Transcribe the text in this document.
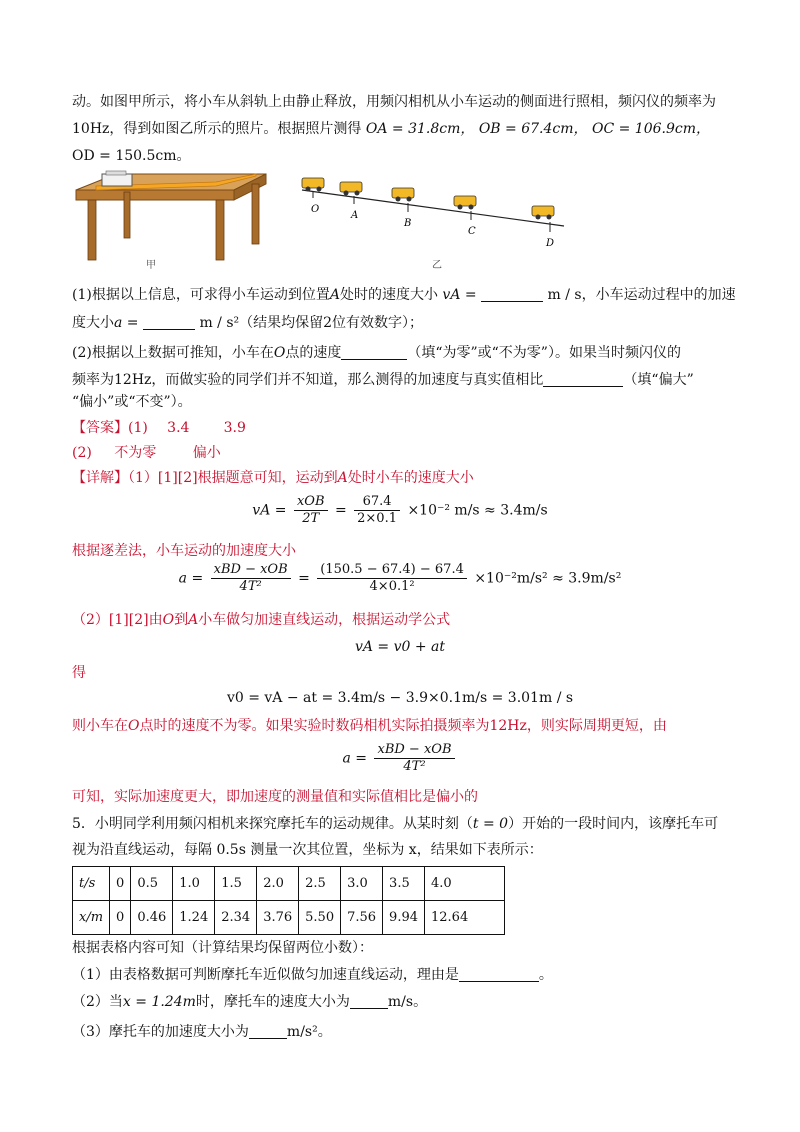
动。如图甲所示，将小车从斜轨上由静止释放，用频闪相机从小车运动的侧面进行照相，频闪仪的频率为
10Hz，得到如图乙所示的照片。根据照片测得 OA = 31.8cm， OB = 67.4cm， OC = 106.9cm，
OD = 150.5cm。
甲
O
A
B
C
D
乙
(1)根据以上信息，可求得小车运动到位置A处时的速度大小 vA =	m / s，小车运动过程中的加速
度大小a =	m / s²（结果均保留2位有效数字）；
(2)根据以上数据可推知，小车在O点的速度	（填“为零”或“不为零”）。如果当时频闪仪的
频率为12Hz，而做实验的同学们并不知道，那么测得的加速度与真实值相比	（填“偏大”
“偏小”或“不变”）。
【答案】(1) 3.4 3.9
(2) 不为零	偏小
【详解】（1）[1][2]根据题意可知，运动到A处时小车的速度大小
vA = $\frac{\text{xOB}}{2T} = \frac{67.4}{2\times 0.1} \times 10^{-2}$ m/s ≈ 3.4m/s
根据逐差法，小车运动的加速度大小
$a = \frac{\text{xBD − xOB}}{\text{4T²}} = \frac{(150.5 - 67.4) - 67.4}{\text{4×0.1²}} \times 10^{-2}m/s^2 \approx 3.9m/s^2$
（2）[1][2]由O到A小车做匀加速直线运动，根据运动学公式
vA = v0 + at
得
v0 = vA − at = 3.4m/s − 3.9×0.1m/s = 3.01m / s
则小车在O点时的速度不为零。如果实验时数码相机实际拍摄频率为12Hz，则实际周期更短，由
$a = \frac{\text{xBD − xOB}}{\text{4T²}}$
可知，实际加速度更大，即加速度的测量值和实际值相比是偏小的
5．小明同学利用频闪相机来探究摩托车的运动规律。从某时刻（t = 0）开始的一段时间内，该摩托车可
视为沿直线运动，每隔 0.5s 测量一次其位置，坐标为 x，结果如下表所示：
t/s	0	0.5	1.0	1.5	2.0	2.5	3.0	3.5	4.0
x/m	0	0.46	1.24	2.34	3.76	5.50	7.56	9.94	12.64
根据表格内容可知（计算结果均保留两位小数）：
（1）由表格数据可判断摩托车近似做匀加速直线运动，理由是	。
（2）当x = 1.24m时，摩托车的速度大小为	m/s。
（3）摩托车的加速度大小为	m/s²。
